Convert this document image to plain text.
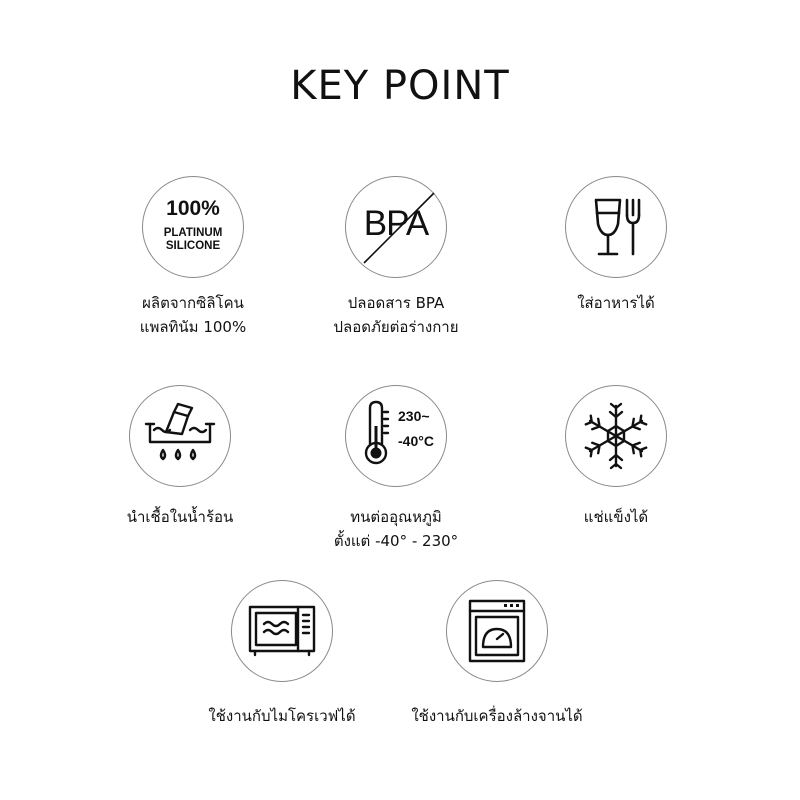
KEY POINT
100%
PLATINUM
SILICONE
ผลิตจากซิลิโคน
แพลทินัม 100%
BPA
ปลอดสาร BPA
ปลอดภัยต่อร่างกาย
ใส่อาหารได้
นำเชื้อในน้ำร้อน
230~
-40°C
ทนต่ออุณหภูมิ
ตั้งแต่ -40° - 230°
แช่แข็งได้
ใช้งานกับไมโครเวฟได้	ใช้งานกับเครื่องล้างจานได้
